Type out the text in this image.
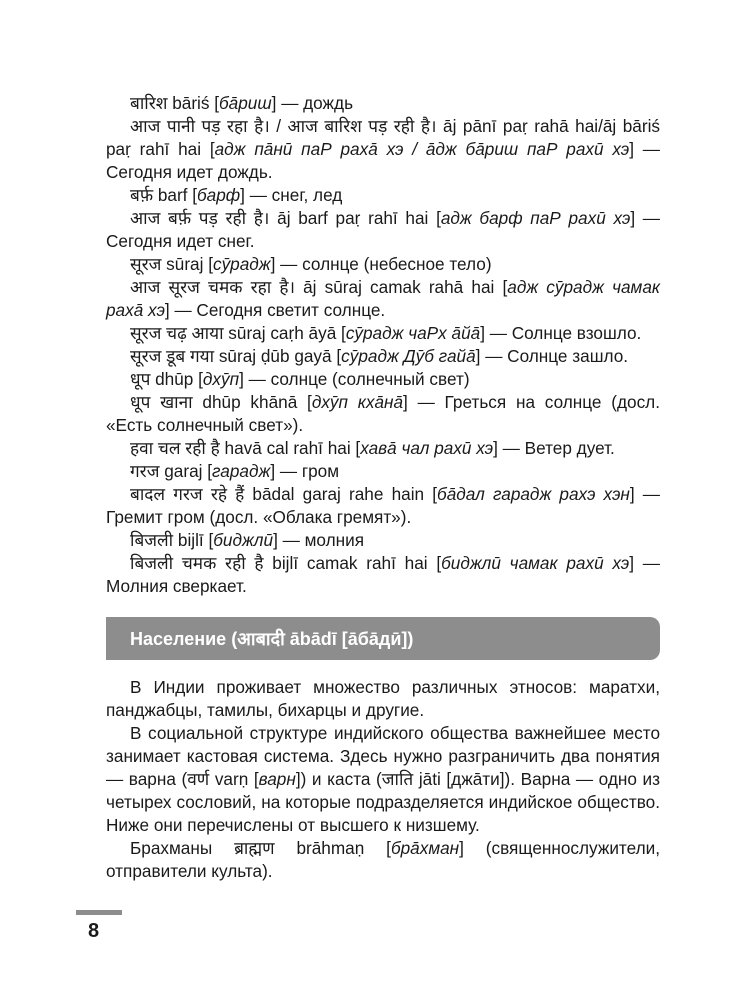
बारिश bāriś [бāриш] — дождь

आज पानी पड़ रहा है। / आज बारिश पड़ रही है। āj pānī paṛ rahā hai/āj bāriś paṛ rahī hai [адж пāнӣ паР рахā хэ / āдж бāриш паР рахӣ хэ] — Сегодня идет дождь.

बर्फ़ barf [барф] — снег, лед

आज बर्फ़ पड़ रही है। āj barf paṛ rahī hai [адж барф паР рахӣ хэ] — Сегодня идет снег.

सूरज sūraj [сӯрадж] — солнце (небесное тело)

आज सूरज चमक रहा है। āj sūraj camak rahā hai [адж сӯрадж чамак рахā хэ] — Сегодня светит солнце.

सूरज चढ़ आया sūraj caṛh āyā [сӯрадж чаРх āйā] — Солнце взошло.

सूरज डूब गया sūraj ḍūb gayā [сӯрадж Дӯб гайā] — Солнце зашло.

धूप dhūp [дхӯп] — солнце (солнечный свет)

धूप खाना dhūp khānā [дхӯп кхāнā] — Греться на солнце (досл. «Есть солнечный свет»).

हवा चल रही है havā cal rahī hai [хавā чал рахӣ хэ] — Ветер дует.

गरज garaj [гарадж] — гром

बादल गरज रहे हैं bādal garaj rahe hain [бāдал гарадж рахэ хэн] — Гремит гром (досл. «Облака гремят»).

बिजली bijlī [биджлӣ] — молния

बिजली चमक रही है bijlī camak rahī hai [биджлӣ чамак рахӣ хэ] — Молния сверкает.

Население (आबादी ābādī [āбāдӣ])

В Индии проживает множество различных этносов: маратхи, панджабцы, тамилы, бихарцы и другие.

В социальной структуре индийского общества важнейшее место занимает кастовая система. Здесь нужно разграничить два понятия — варна (वर्ण varṇ [варн]) и каста (जाति jāti [джāти]). Варна — одно из четырех сословий, на которые подразделяется индийское общество. Ниже они перечислены от высшего к низшему.

Брахманы ब्राह्मण brāhmaṇ [брāхман] (священнослужители, отправители культа).

8
